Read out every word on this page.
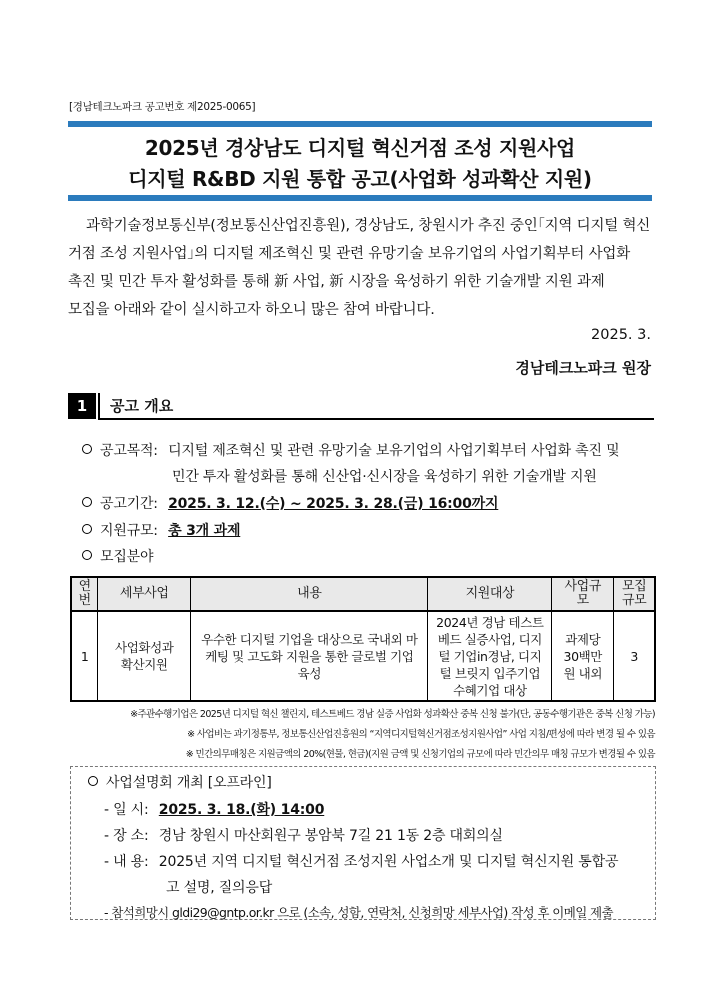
[경남테크노파크 공고번호 제2025-0065]
2025년 경상남도 디지털 혁신거점 조성 지원사업
디지털 R&BD 지원 통합 공고(사업화 성과확산 지원)
과학기술정보통신부(정보통신산업진흥원), 경상남도, 창원시가 추진 중인｢지역 디지털 혁신
거점 조성 지원사업｣의 디지털 제조혁신 및 관련 유망기술 보유기업의 사업기획부터 사업화
촉진 및 민간 투자 활성화를 통해 新 사업, 新 시장을 육성하기 위한 기술개발 지원 과제
모집을 아래와 같이 실시하고자 하오니 많은 참여 바랍니다.
2025. 3.
경남테크노파크 원장
1	공고 개요
공고목적: 디지털 제조혁신 및 관련 유망기술 보유기업의 사업기획부터 사업화 촉진 및
민간 투자 활성화를 통해 신산업·신시장을 육성하기 위한 기술개발 지원
공고기간: 2025. 3. 12.(수) ~ 2025. 3. 28.(금) 16:00까지
지원규모: 총 3개 과제
모집분야
연번	세부사업	내용	지원대상	사업규모	모집규모
1	사업화성과확산지원	우수한 디지털 기업을 대상으로 국내외 마케팅 및 고도화 지원을 통한 글로벌 기업 육성	2024년 경남 테스트베드 실증사업, 디지털 기업in경남, 디지털 브릿지 입주기업 수혜기업 대상	과제당 30백만원 내외	3
※주관수행기업은 2025년 디지털 혁신 챌린지, 테스트베드 경남 실증 사업화 성과확산 중복 신청 불가(단, 공동수행기관은 중복 신청 가능)
※ 사업비는 과기정통부, 정보통신산업진흥원의 “지역디지털혁신거점조성지원사업” 사업 지침/편성에 따라 변경 될 수 있음
※ 민간의무매칭은 지원금액의 20%(현물, 현금)(지원 금액 및 신청기업의 규모에 따라 민간의무 매칭 규모가 변경될 수 있음
사업설명회 개최 [오프라인]
- 일 시: 2025. 3. 18.(화) 14:00
- 장 소: 경남 창원시 마산회원구 봉암북 7길 21 1동 2층 대회의실
- 내 용: 2025년 지역 디지털 혁신거점 조성지원 사업소개 및 디지털 혁신지원 통합공
고 설명, 질의응답
- 참석희망시 gldi29@gntp.or.kr 으로 (소속, 성함, 연락처, 신청희망 세부사업) 작성 후 이메일 제출
